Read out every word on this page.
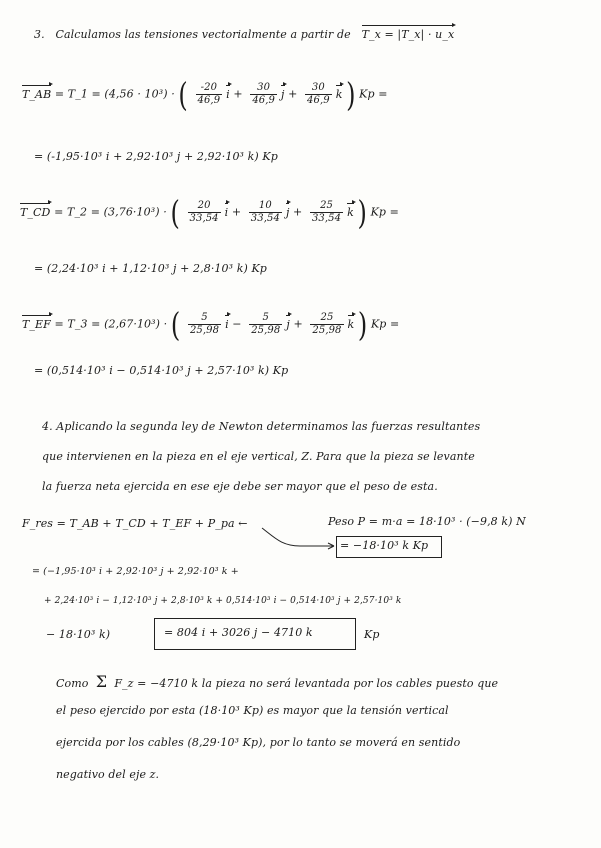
3. Calculamos las tensiones vectorialmente a partir de T_x = |T_x| · u_x
T_AB = T_1 = (4,56 · 10³) · ( $\frac{-20}{46,9}$ $i + \frac{30}{46,9}$ $j + \frac{30}{46,9}$ k ) Kp =
= (-1,95·10³ i + 2,92·10³ j + 2,92·10³ k) Kp
T_CD = T_2 = (3,76·10³) · ( $\frac{20}{33,54}$ $i + \frac{10}{33,54}$ $j + \frac{25}{33,54}$ k ) Kp =
= (2,24·10³ i + 1,12·10³ j + 2,8·10³ k) Kp
T_EF = T_3 = (2,67·10³) · ( $\frac{5}{25,98}$ $i - \frac{5}{25,98}$ $j + \frac{25}{25,98}$ k ) Kp =
= (0,514·10³ i − 0,514·10³ j + 2,57·10³ k) Kp
4. Aplicando la segunda ley de Newton determinamos las fuerzas resultantes
que intervienen en la pieza en el eje vertical, Z. Para que la pieza se levante
la fuerza neta ejercida en ese eje debe ser mayor que el peso de esta.
F_res = T_AB + T_CD + T_EF + P_pa ←	Peso P = m·a = 18·10³ · (−9,8 k) N
= −18·10³ k Kp
= (−1,95·10³ i + 2,92·10³ j + 2,92·10³ k +
+ 2,24·10³ i − 1,12·10³ j + 2,8·10³ k + 0,514·10³ i − 0,514·10³ j + 2,57·10³ k
− 18·10³ k)	= 804 i + 3026 j − 4710 k	Kp
Como Σ F_z = −4710 k la pieza no será levantada por los cables puesto que
el peso ejercido por esta (18·10³ Kp) es mayor que la tensión vertical
ejercida por los cables (8,29·10³ Kp), por lo tanto se moverá en sentido
negativo del eje z.
